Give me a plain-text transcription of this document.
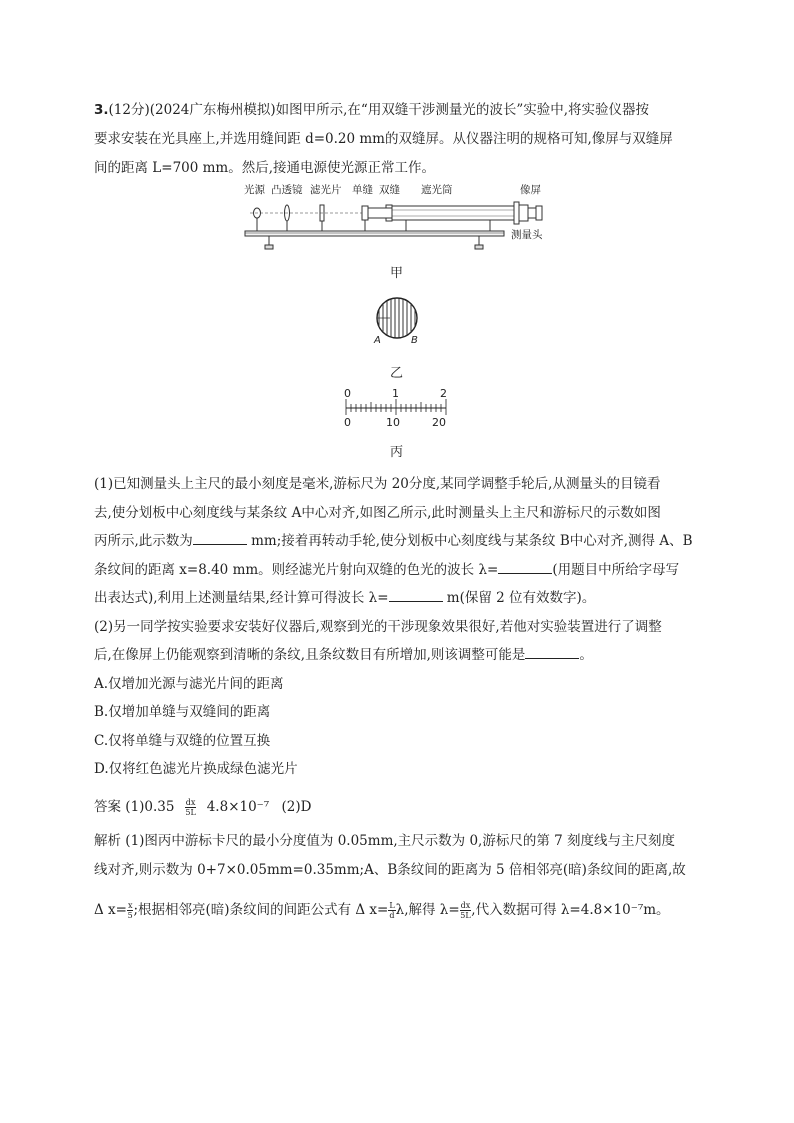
3.(12分)(2024广东梅州模拟)如图甲所示,在“用双缝干涉测量光的波长”实验中,将实验仪器按
要求安装在光具座上,并选用缝间距 d=0.20 mm的双缝屏。从仪器注明的规格可知,像屏与双缝屏
间的距离 L=700 mm。然后,接通电源使光源正常工作。
光源 凸透镜 滤光片 单缝 双缝 遮光筒	像屏
测量头
甲
A	B
乙
0	1	2
0	10	20
丙
(1)已知测量头上主尺的最小刻度是毫米,游标尺为 20分度,某同学调整手轮后,从测量头的目镜看
去,使分划板中心刻度线与某条纹 A中心对齐,如图乙所示,此时测量头上主尺和游标尺的示数如图
丙所示,此示数为	mm;接着再转动手轮,使分划板中心刻度线与某条纹 B中心对齐,测得 A、B
条纹间的距离 x=8.40 mm。则经滤光片射向双缝的色光的波长 λ=	(用题目中所给字母写
出表达式),利用上述测量结果,经计算可得波长 λ=	m(保留 2 位有效数字)。
(2)另一同学按实验要求安装好仪器后,观察到光的干涉现象效果很好,若他对实验装置进行了调整
后,在像屏上仍能观察到清晰的条纹,且条纹数目有所增加,则该调整可能是	。
A.仅增加光源与滤光片间的距离
B.仅增加单缝与双缝间的距离
C.仅将单缝与双缝的位置互换
D.仅将红色滤光片换成绿色滤光片
答案 $(1)0.35 \frac{dx}{5L} 4.8\times 10^{-7}$ (2)D
解析 (1)图丙中游标卡尺的最小分度值为 0.05mm,主尺示数为 0,游标尺的第 7 刻度线与主尺刻度
线对齐,则示数为 0+7×0.05mm=0.35mm;A、B条纹间的距离为 5 倍相邻亮(暗)条纹间的距离,故
Δ $x= \frac{x}{5}$ ;根据相邻亮(暗)条纹间的间距公式有 Δ $x= \frac{L}{d} \lambda$,解得 $\lambda= \frac{dx}{5L}$ ,代入数据可得 λ=4.8×10⁻⁷m。
